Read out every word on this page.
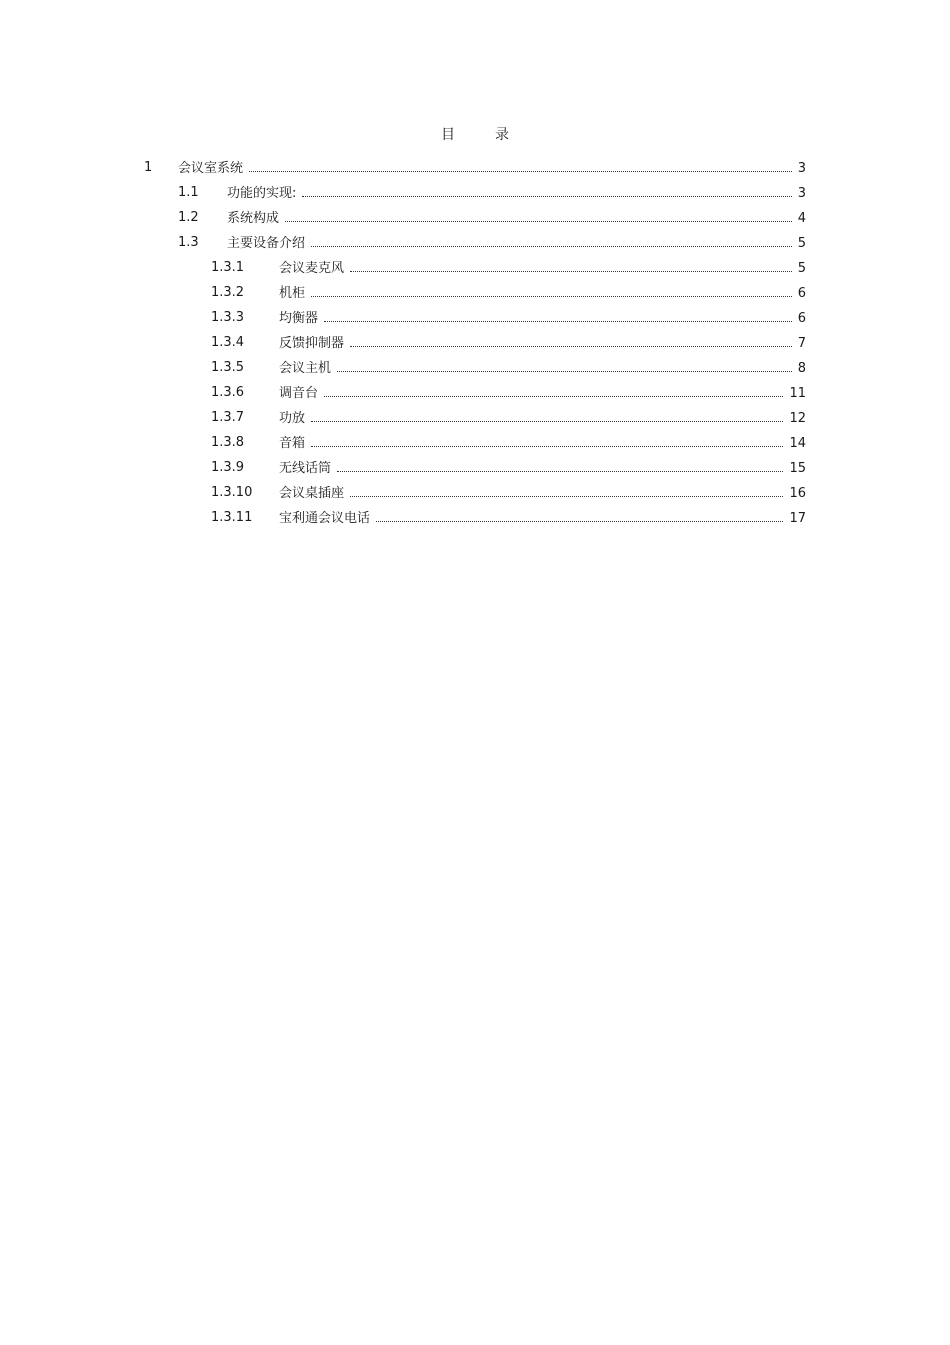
目	录
1 会议室系统	3
1.1 功能的实现:	3
1.2 系统构成	4
1.3 主要设备介绍	5
1.3.1	会议麦克风	5
1.3.2	机柜	6
1.3.3	均衡器	6
1.3.4	反馈抑制器	7
1.3.5	会议主机	8
1.3.6	调音台	11
1.3.7	功放	12
1.3.8	音箱	14
1.3.9	无线话筒	15
1.3.10 会议桌插座	16
1.3.11 宝利通会议电话	17
